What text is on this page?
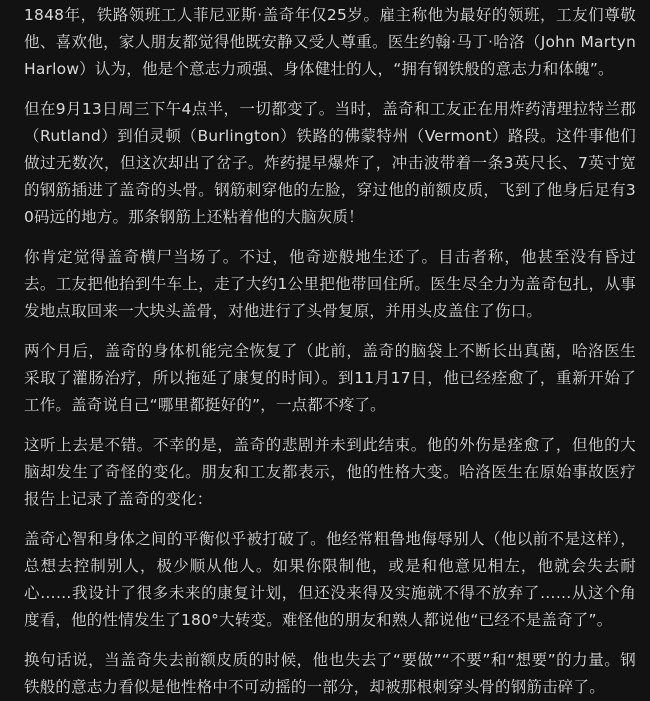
1848年，铁路领班工人菲尼亚斯·盖奇年仅25岁。雇主称他为最好的领班，工友们尊敬他、喜欢他，家人朋友都觉得他既安静又受人尊重。医生约翰·马丁·哈洛（John Martyn Harlow）认为，他是个意志力顽强、身体健壮的人，“拥有钢铁般的意志力和体魄”。

但在9月13日周三下午4点半，一切都变了。当时，盖奇和工友正在用炸药清理拉特兰郡（Rutland）到伯灵顿（Burlington）铁路的佛蒙特州（Vermont）路段。这件事他们做过无数次，但这次却出了岔子。炸药提早爆炸了，冲击波带着一条3英尺长、7英寸宽的钢筋插进了盖奇的头骨。钢筋刺穿他的左脸，穿过他的前额皮质，飞到了他身后足有30码远的地方。那条钢筋上还粘着他的大脑灰质！

你肯定觉得盖奇横尸当场了。不过，他奇迹般地生还了。目击者称，他甚至没有昏过去。工友把他抬到牛车上，走了大约1公里把他带回住所。医生尽全力为盖奇包扎，从事发地点取回来一大块头盖骨，对他进行了头骨复原，并用头皮盖住了伤口。

两个月后，盖奇的身体机能完全恢复了（此前，盖奇的脑袋上不断长出真菌，哈洛医生采取了灌肠治疗，所以拖延了康复的时间）。到11月17日，他已经痊愈了，重新开始了工作。盖奇说自己“哪里都挺好的”，一点都不疼了。

这听上去是不错。不幸的是，盖奇的悲剧并未到此结束。他的外伤是痊愈了，但他的大脑却发生了奇怪的变化。朋友和工友都表示，他的性格大变。哈洛医生在原始事故医疗报告上记录了盖奇的变化：

盖奇心智和身体之间的平衡似乎被打破了。他经常粗鲁地侮辱别人（他以前不是这样），总想去控制别人，极少顺从他人。如果你限制他，或是和他意见相左，他就会失去耐心……我设计了很多未来的康复计划，但还没来得及实施就不得不放弃了……从这个角度看，他的性情发生了180°大转变。难怪他的朋友和熟人都说他“已经不是盖奇了”。

换句话说，当盖奇失去前额皮质的时候，他也失去了“要做”“不要”和“想要”的力量。钢铁般的意志力看似是他性格中不可动摇的一部分，却被那根刺穿头骨的钢筋击碎了。
